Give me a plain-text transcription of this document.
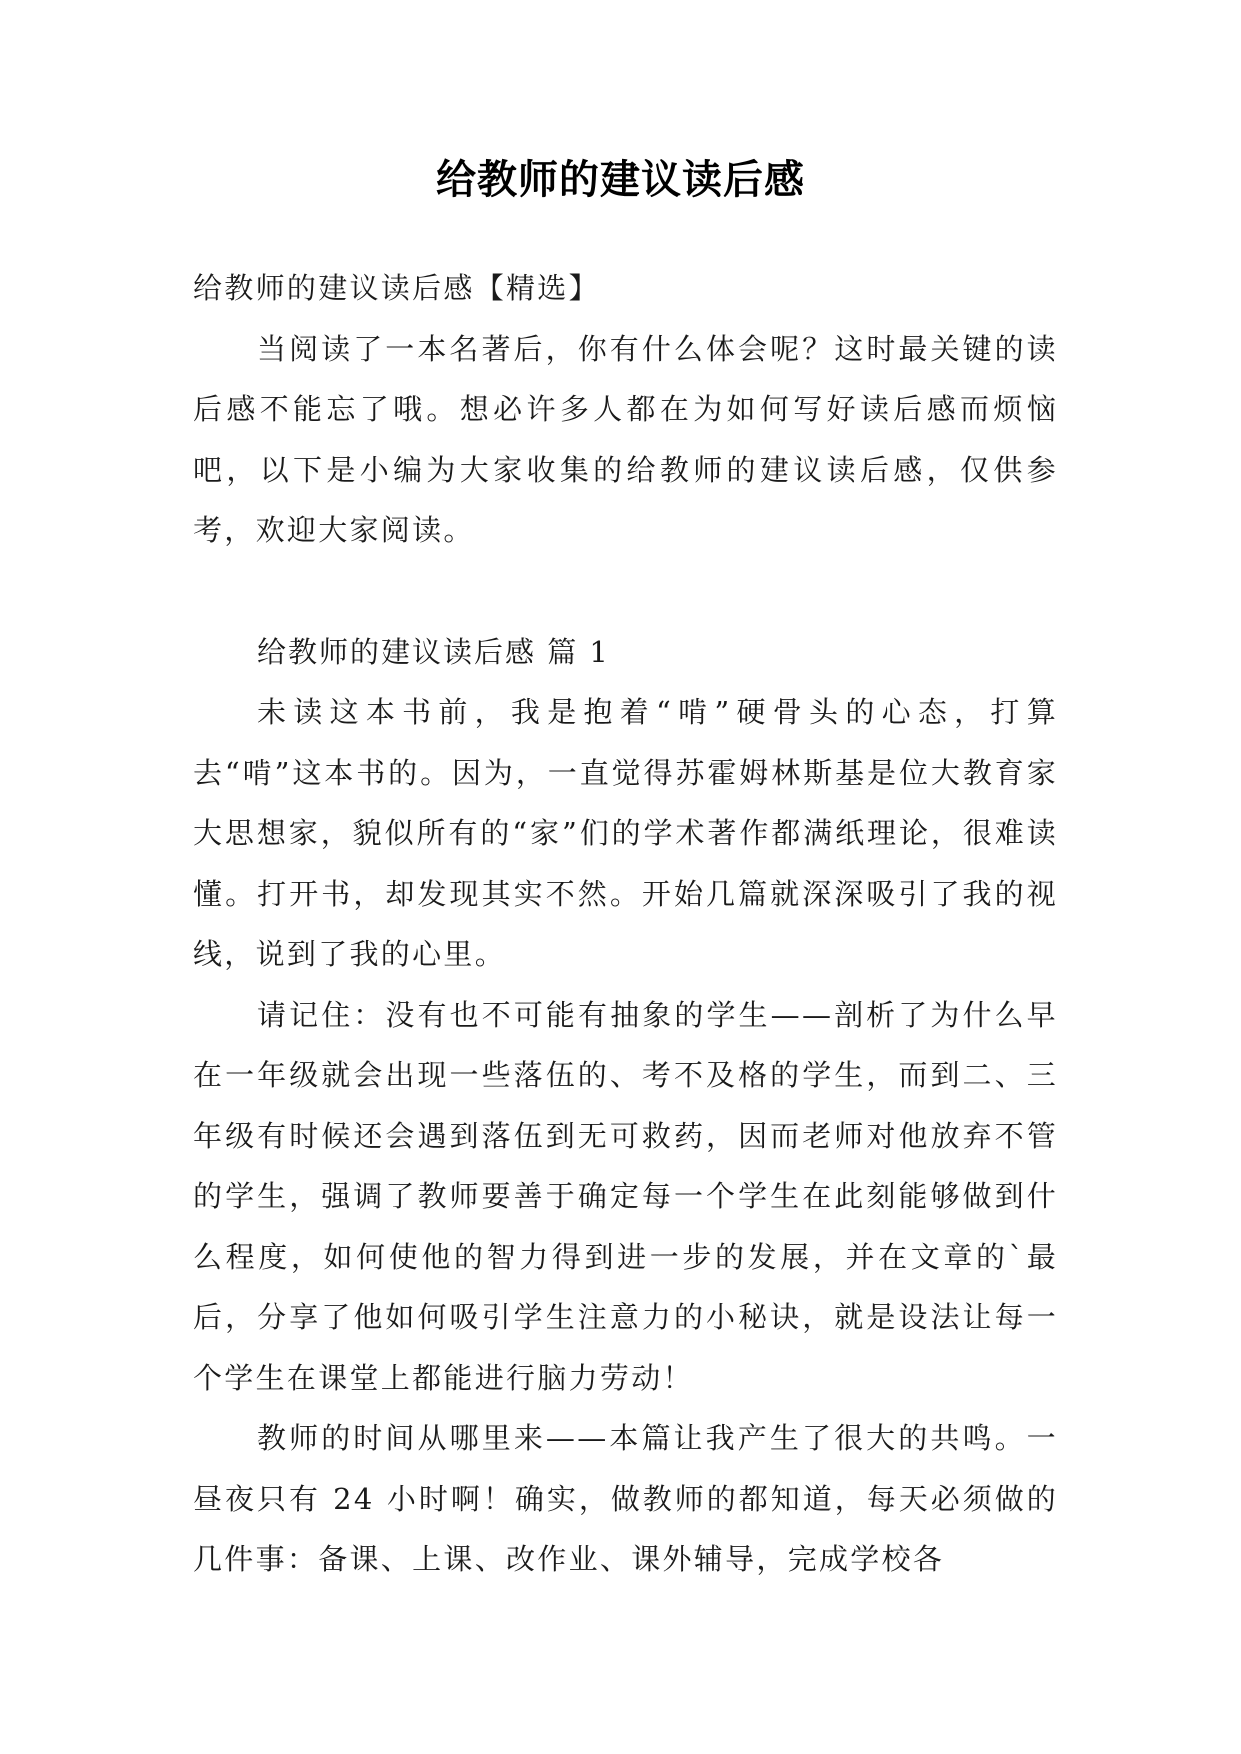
给教师的建议读后感

给教师的建议读后感【精选】

当阅读了一本名著后，你有什么体会呢？这时最关键的读后感不能忘了哦。想必许多人都在为如何写好读后感而烦恼吧，以下是小编为大家收集的给教师的建议读后感，仅供参考，欢迎大家阅读。

给教师的建议读后感 篇 1

未读这本书前，我是抱着“啃”硬骨头的心态，打算去“啃”这本书的。因为，一直觉得苏霍姆林斯基是位大教育家大思想家，貌似所有的“家”们的学术著作都满纸理论，很难读懂。打开书，却发现其实不然。开始几篇就深深吸引了我的视线，说到了我的心里。

请记住：没有也不可能有抽象的学生——剖析了为什么早在一年级就会出现一些落伍的、考不及格的学生，而到二、三年级有时候还会遇到落伍到无可救药，因而老师对他放弃不管的学生，强调了教师要善于确定每一个学生在此刻能够做到什么程度，如何使他的智力得到进一步的发展，并在文章的`最后，分享了他如何吸引学生注意力的小秘诀，就是设法让每一个学生在课堂上都能进行脑力劳动！

教师的时间从哪里来——本篇让我产生了很大的共鸣。一昼夜只有 24 小时啊！确实，做教师的都知道，每天必须做的几件事：备课、上课、改作业、课外辅导，完成学校各
